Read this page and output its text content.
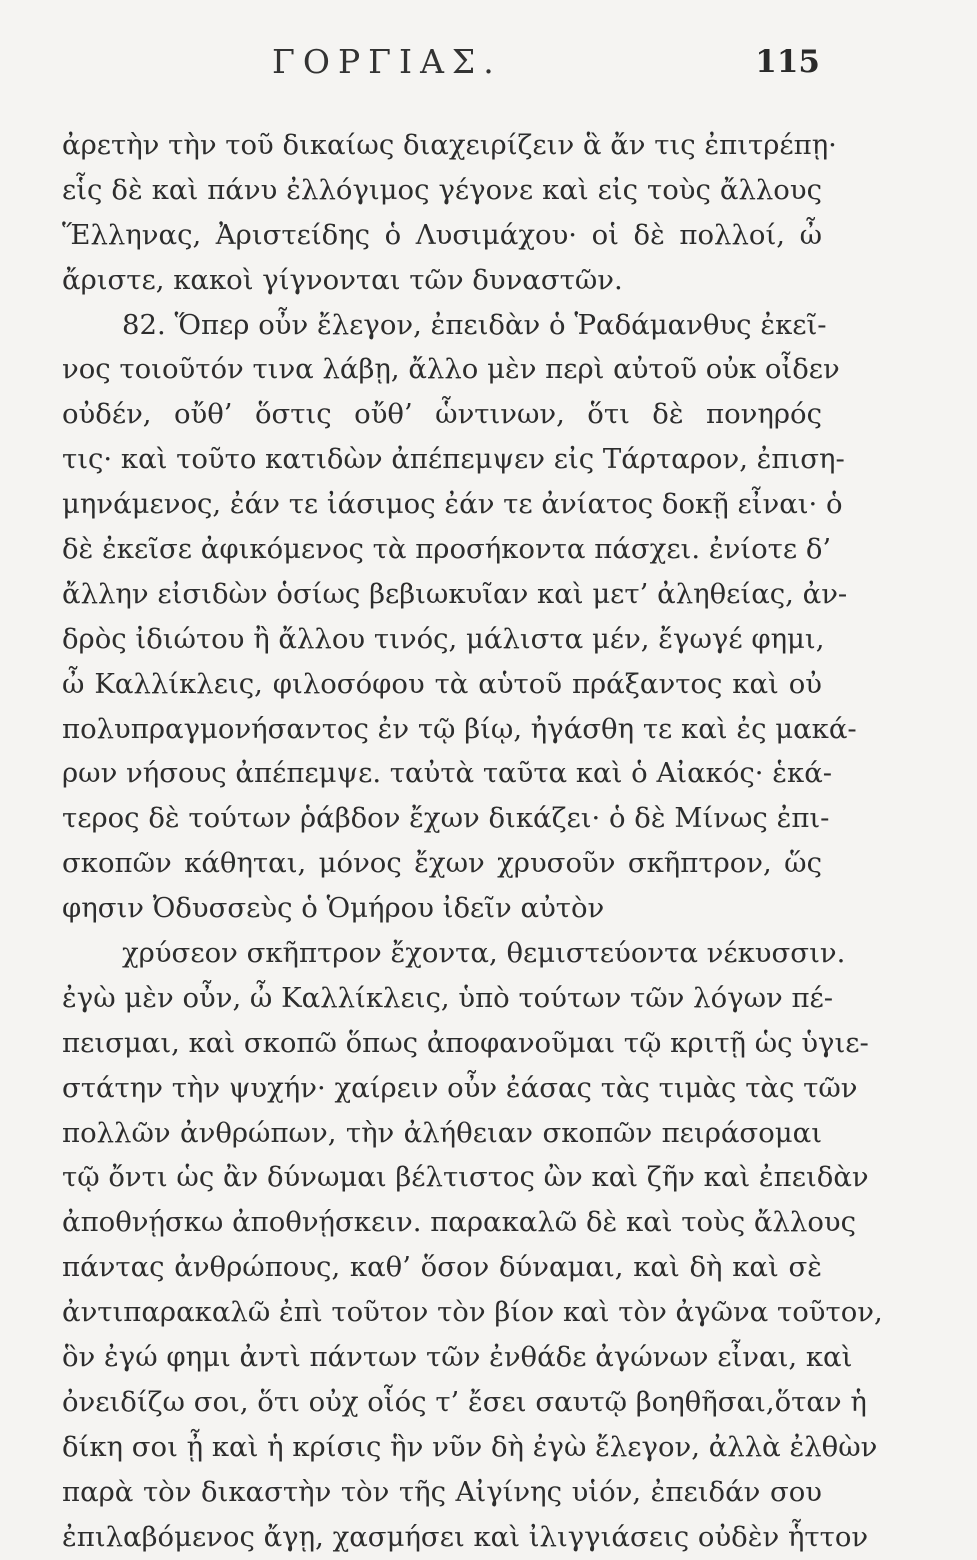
ΓΟΡΓΙΑΣ.	115
ἀρετὴν τὴν τοῦ δικαίως διαχειρίζειν ἃ ἄν τις ἐπιτρέπῃ·
εἷς δὲ καὶ πάνυ ἐλλόγιμος γέγονε καὶ εἰς τοὺς ἄλλους
Ἕλληνας, Ἀριστείδης ὁ Λυσιμάχου· οἱ δὲ πολλοί, ὦ
ἄριστε, κακοὶ γίγνονται τῶν δυναστῶν.
82. Ὅπερ οὖν ἔλεγον, ἐπειδὰν ὁ Ῥαδάμανθυς ἐκεῖ-
νος τοιοῦτόν τινα λάβῃ, ἄλλο μὲν περὶ αὐτοῦ οὐκ οἶδεν
οὐδέν, οὔθ’ ὅστις οὔθ’ ὧντινων, ὅτι δὲ πονηρός
τις· καὶ τοῦτο κατιδὼν ἀπέπεμψεν εἰς Τάρταρον, ἐπιση-
μηνάμενος, ἐάν τε ἰάσιμος ἐάν τε ἀνίατος δοκῇ εἶναι· ὁ
δὲ ἐκεῖσε ἀφικόμενος τὰ προσήκοντα πάσχει. ἐνίοτε δ’
ἄλλην εἰσιδὼν ὁσίως βεβιωκυῖαν καὶ μετ’ ἀληθείας, ἀν-
δρὸς ἰδιώτου ἢ ἄλλου τινός, μάλιστα μέν, ἔγωγέ φημι,
ὦ Καλλίκλεις, φιλοσόφου τὰ αὑτοῦ πράξαντος καὶ οὐ
πολυπραγμονήσαντος ἐν τῷ βίῳ, ἠγάσθη τε καὶ ἐς μακά-
ρων νήσους ἀπέπεμψε. ταὐτὰ ταῦτα καὶ ὁ Αἰακός· ἑκά-
τερος δὲ τούτων ῥάβδον ἔχων δικάζει· ὁ δὲ Μίνως ἐπι-
σκοπῶν κάθηται, μόνος ἔχων χρυσοῦν σκῆπτρον, ὥς
φησιν Ὀδυσσεὺς ὁ Ὁμήρου ἰδεῖν αὐτὸν
χρύσεον σκῆπτρον ἔχοντα, θεμιστεύοντα νέκυσσιν.
ἐγὼ μὲν οὖν, ὦ Καλλίκλεις, ὑπὸ τούτων τῶν λόγων πέ-
πεισμαι, καὶ σκοπῶ ὅπως ἀποφανοῦμαι τῷ κριτῇ ὡς ὑγιε-
στάτην τὴν ψυχήν· χαίρειν οὖν ἐάσας τὰς τιμὰς τὰς τῶν
πολλῶν ἀνθρώπων, τὴν ἀλήθειαν σκοπῶν πειράσομαι
τῷ ὄντι ὡς ἂν δύνωμαι βέλτιστος ὢν καὶ ζῆν καὶ ἐπειδὰν
ἀποθνῄσκω ἀποθνῄσκειν. παρακαλῶ δὲ καὶ τοὺς ἄλλους
πάντας ἀνθρώπους, καθ’ ὅσον δύναμαι, καὶ δὴ καὶ σὲ
ἀντιπαρακαλῶ ἐπὶ τοῦτον τὸν βίον καὶ τὸν ἀγῶνα τοῦτον,
ὃν ἐγώ φημι ἀντὶ πάντων τῶν ἐνθάδε ἀγώνων εἶναι, καὶ
ὀνειδίζω σοι, ὅτι οὐχ οἷός τ’ ἔσει σαυτῷ βοηθῆσαι,ὅταν ἡ
δίκη σοι ᾖ καὶ ἡ κρίσις ἣν νῦν δὴ ἐγὼ ἔλεγον, ἀλλὰ ἐλθὼν
παρὰ τὸν δικαστὴν τὸν τῆς Αἰγίνης υἱόν, ἐπειδάν σου
ἐπιλαβόμενος ἄγῃ, χασμήσει καὶ ἰλιγγιάσεις οὐδὲν ἧττον
